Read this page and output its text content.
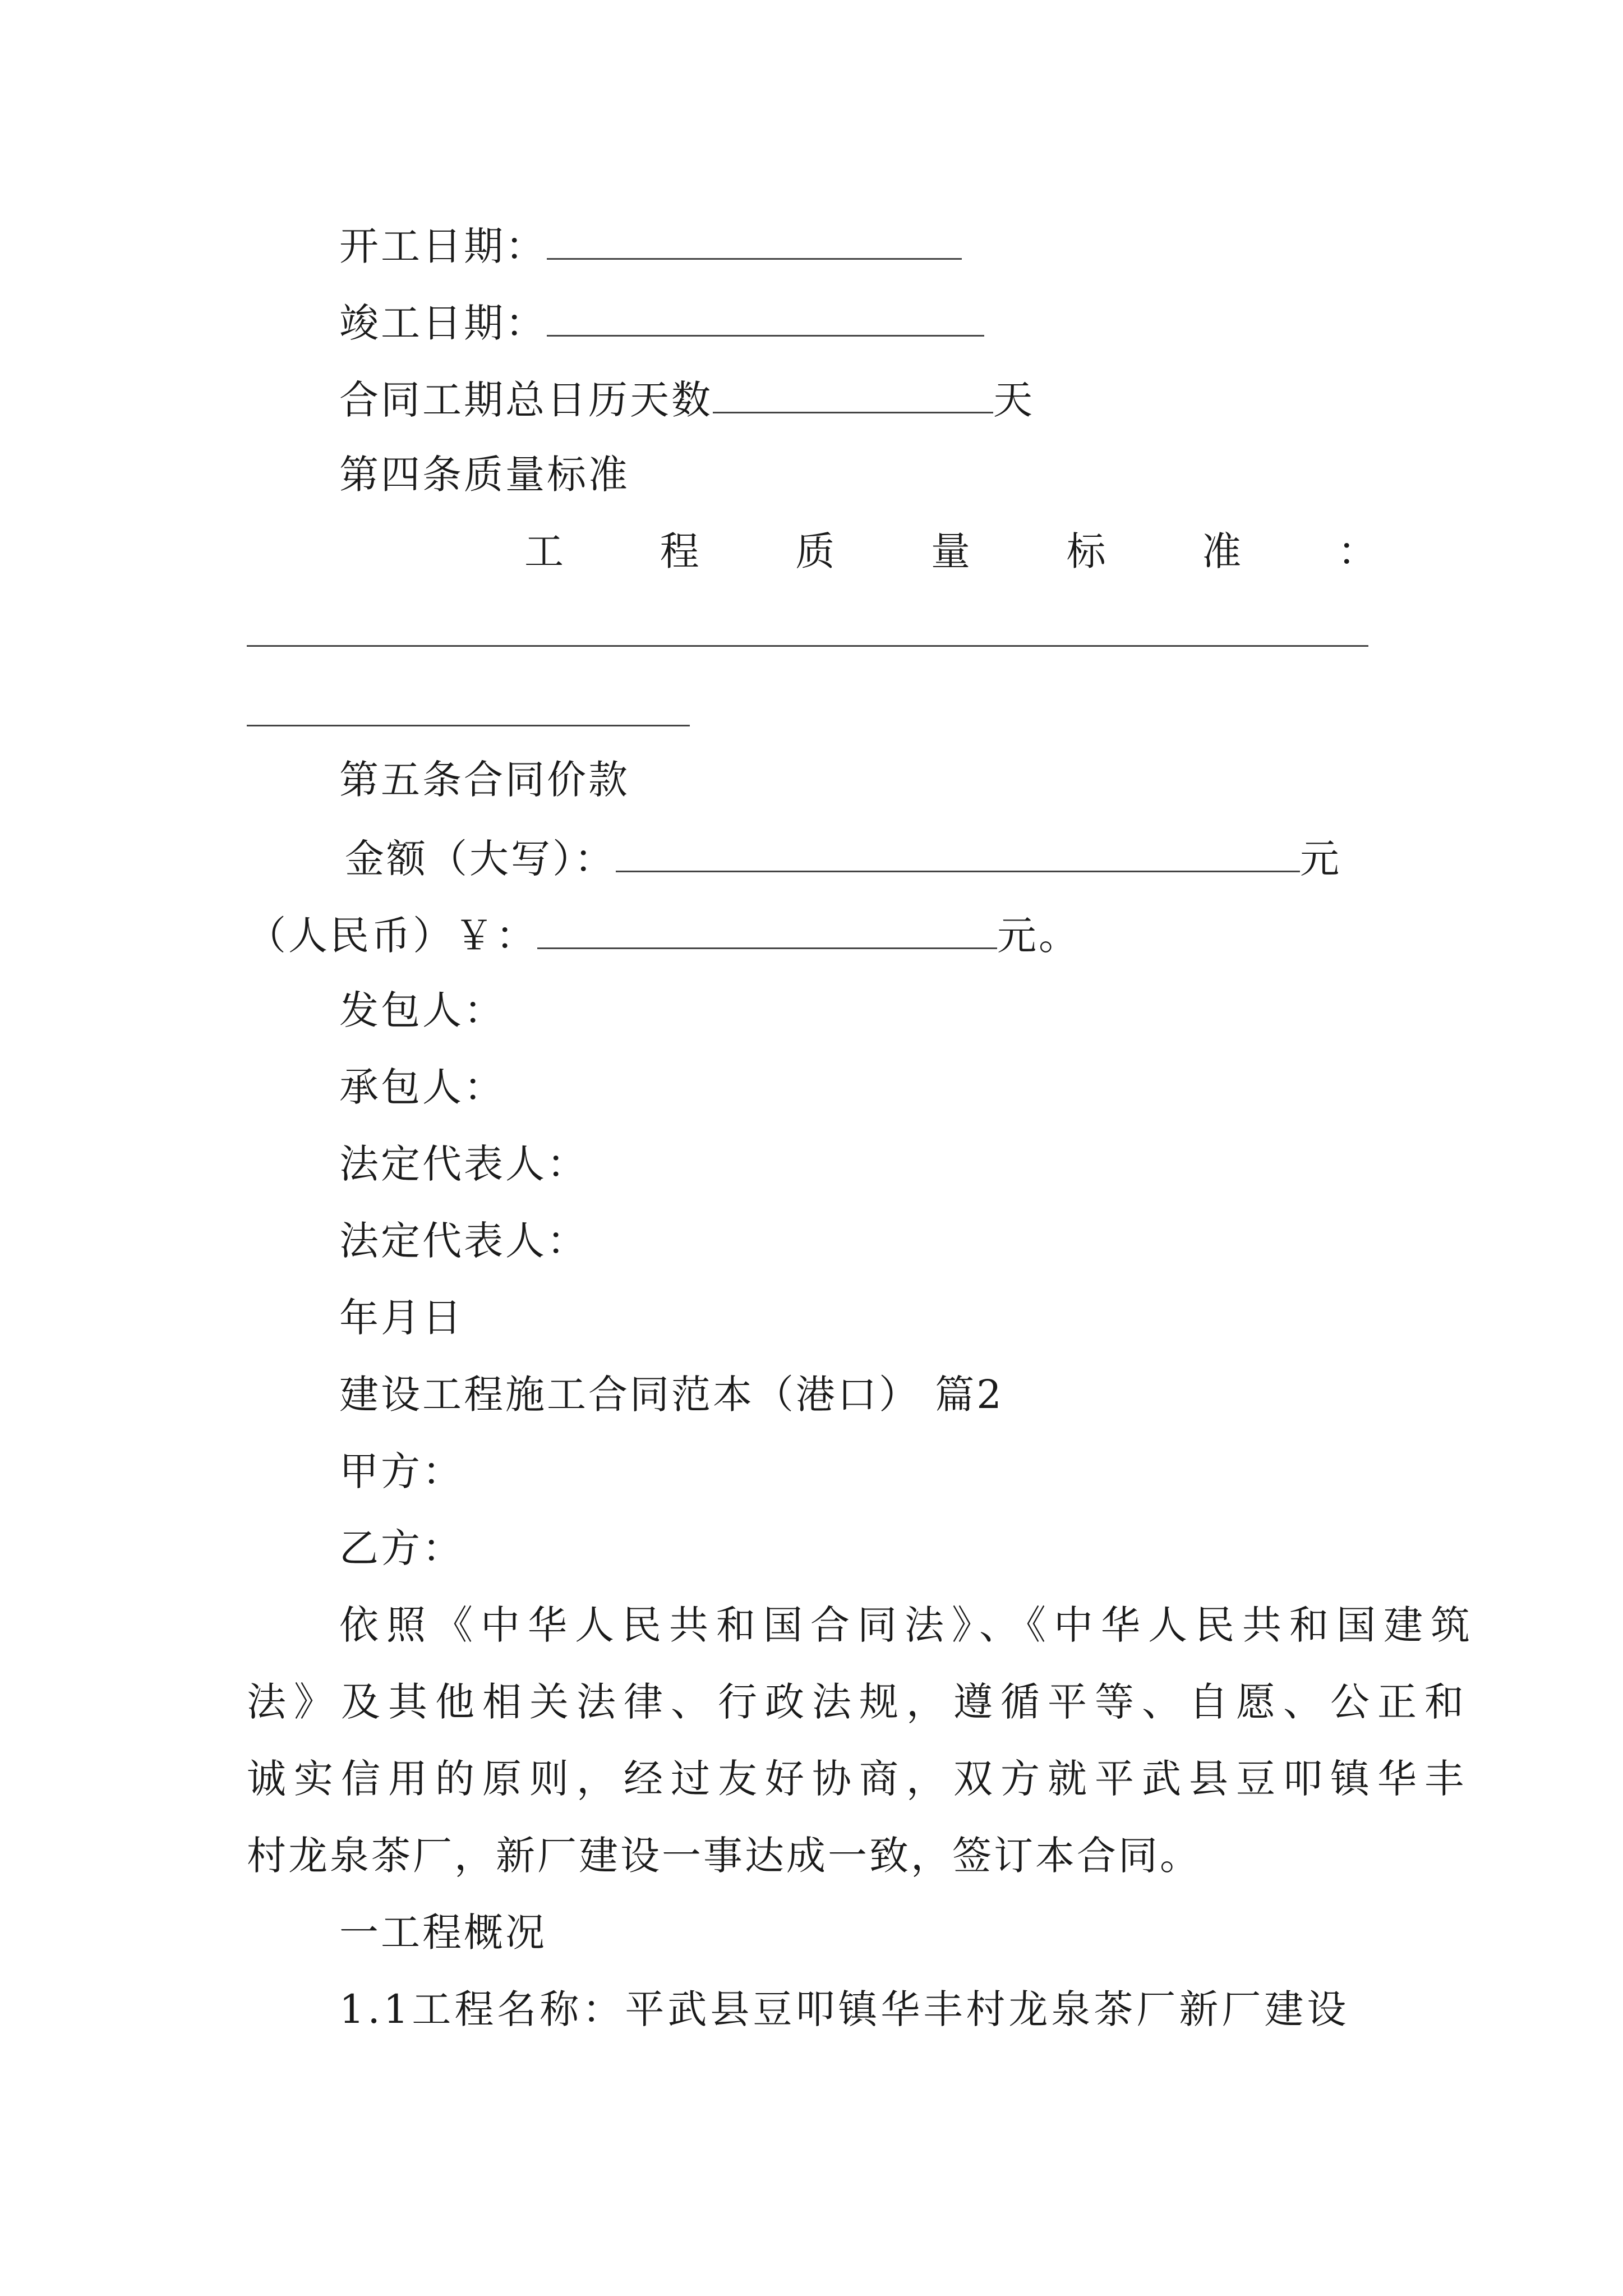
开工日期：
竣工日期：
合同工期总日历天数	天
第四条质量标准
工 程 质 量 标 准 ：
第五条合同价款
金额（大写）：	元
（人民币）￥：	元。
发包人：
承包人：
法定代表人：
法定代表人：
年月日
建设工程施工合同范本（港口） 篇2
甲方：
乙方：
依照《中华人民共和国合同法》、《中华人民共和国建筑
法》及其他相关法律、行政法规，遵循平等、自愿、公正和
诚实信用的原则，经过友好协商，双方就平武县豆叩镇华丰
村龙泉茶厂，新厂建设一事达成一致，签订本合同。
一工程概况
1.1工程名称：平武县豆叩镇华丰村龙泉茶厂新厂建设
